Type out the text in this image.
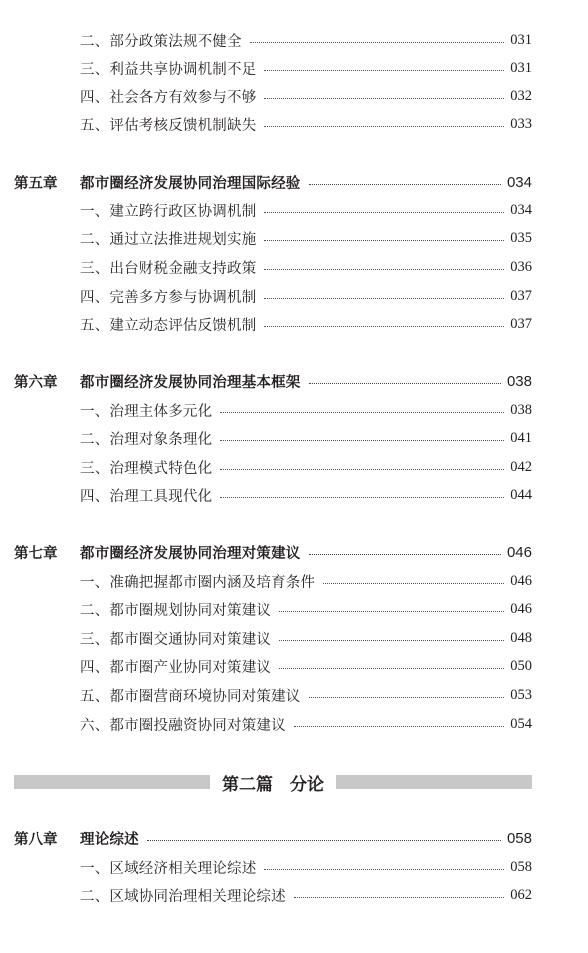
二、部分政策法规不健全	031
三、利益共享协调机制不足	031
四、社会各方有效参与不够	032
五、评估考核反馈机制缺失	033
第五章	都市圈经济发展协同治理国际经验	034
一、建立跨行政区协调机制	034
二、通过立法推进规划实施	035
三、出台财税金融支持政策	036
四、完善多方参与协调机制	037
五、建立动态评估反馈机制	037
第六章	都市圈经济发展协同治理基本框架	038
一、治理主体多元化	038
二、治理对象条理化	041
三、治理模式特色化	042
四、治理工具现代化	044
第七章	都市圈经济发展协同治理对策建议	046
一、准确把握都市圈内涵及培育条件	046
二、都市圈规划协同对策建议	046
三、都市圈交通协同对策建议	048
四、都市圈产业协同对策建议	050
五、都市圈营商环境协同对策建议	053
六、都市圈投融资协同对策建议	054
第二篇　分论
第八章	理论综述	058
一、区域经济相关理论综述	058
二、区域协同治理相关理论综述	062
